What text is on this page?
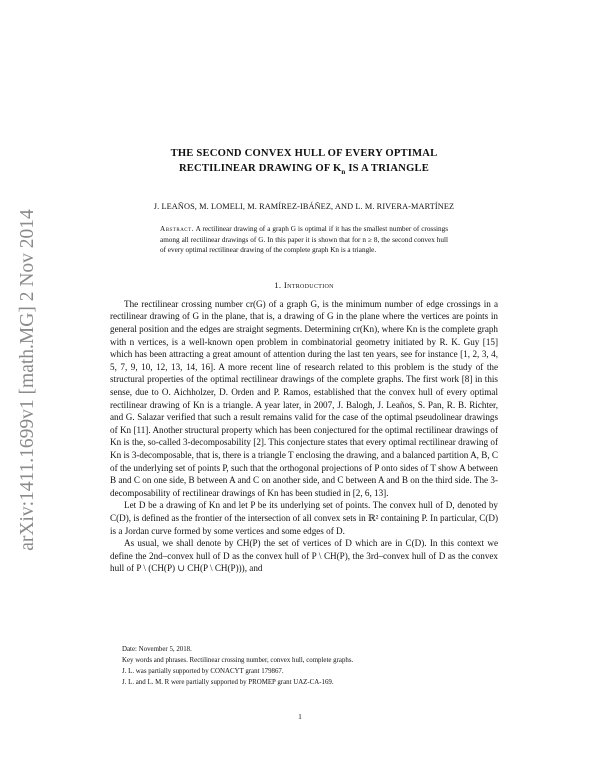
arXiv:1411.1699v1 [math.MG] 2 Nov 2014
THE SECOND CONVEX HULL OF EVERY OPTIMAL
RECTILINEAR DRAWING OF $K_n$ IS A TRIANGLE

J. LEAÑOS, M. LOMELI, M. RAMÍREZ-IBÁÑEZ, AND L. M. RIVERA-MARTÍNEZ

Abstract. A rectilinear drawing of a graph G is optimal if it has the smallest number of crossings among all rectilinear drawings of G. In this paper it is shown that for n ≥ 8, the second convex hull of every optimal rectilinear drawing of the complete graph Kn is a triangle.

1. Introduction

The rectilinear crossing number cr(G) of a graph G, is the minimum number of edge crossings in a rectilinear drawing of G in the plane, that is, a drawing of G in the plane where the vertices are points in general position and the edges are straight segments. Determining cr(Kn), where Kn is the complete graph with n vertices, is a well-known open problem in combinatorial geometry initiated by R. K. Guy [15] which has been attracting a great amount of attention during the last ten years, see for instance [1, 2, 3, 4, 5, 7, 9, 10, 12, 13, 14, 16]. A more recent line of research related to this problem is the study of the structural properties of the optimal rectilinear drawings of the complete graphs. The first work [8] in this sense, due to O. Aichholzer, D. Orden and P. Ramos, established that the convex hull of every optimal rectilinear drawing of Kn is a triangle. A year later, in 2007, J. Balogh, J. Leaños, S. Pan, R. B. Richter, and G. Salazar verified that such a result remains valid for the case of the optimal pseudolinear drawings of Kn [11]. Another structural property which has been conjectured for the optimal rectilinear drawings of Kn is the, so-called 3-decomposability [2]. This conjecture states that every optimal rectilinear drawing of Kn is 3-decomposable, that is, there is a triangle T enclosing the drawing, and a balanced partition A, B, C of the underlying set of points P, such that the orthogonal projections of P onto sides of T show A between B and C on one side, B between A and C on another side, and C between A and B on the third side. The 3-decomposability of rectilinear drawings of Kn has been studied in [2, 6, 13].

Let D be a drawing of Kn and let P be its underlying set of points. The convex hull of D, denoted by C(D), is defined as the frontier of the intersection of all convex sets in ℝ² containing P. In particular, C(D) is a Jordan curve formed by some vertices and some edges of D.

As usual, we shall denote by CH(P) the set of vertices of D which are in C(D). In this context we define the 2nd–convex hull of D as the convex hull of P \ CH(P), the 3rd–convex hull of D as the convex hull of P \ (CH(P) ∪ CH(P \ CH(P))), and

Date: November 5, 2018.

Key words and phrases. Rectilinear crossing number, convex hull, complete graphs.

J. L. was partially supported by CONACYT grant 179867.

J. L. and L. M. R were partially supported by PROMEP grant UAZ-CA-169.

1
